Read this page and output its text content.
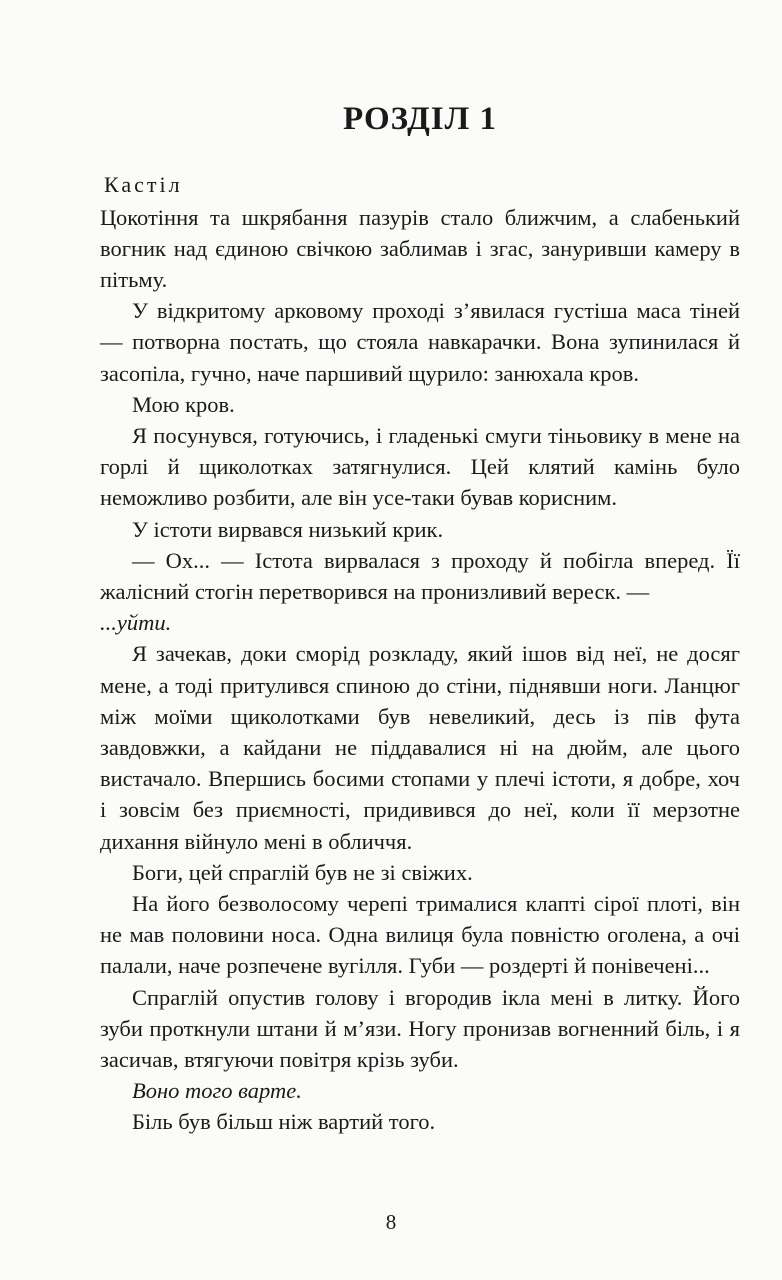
РОЗДІЛ 1
Кастіл

Цокотіння та шкрябання пазурів стало ближчим, а слабенький вогник над єдиною свічкою заблимав і згас, зануривши камеру в пітьму.

У відкритому арковому проході з’явилася густіша маса тіней — потворна постать, що стояла навкарачки. Вона зупинилася й засопіла, гучно, наче паршивий щурило: занюхала кров.

Мою кров.

Я посунувся, готуючись, і гладенькі смуги тіньовику в мене на горлі й щиколотках затягнулися. Цей клятий камінь було неможливо розбити, але він усе-таки бував корисним.

У істоти вирвався низький крик.

— Ох... — Істота вирвалася з проходу й побігла вперед. Її жалісний стогін перетворився на пронизливий вереск. —

...уйти.

Я зачекав, доки сморід розкладу, який ішов від неї, не досяг мене, а тоді притулився спиною до стіни, піднявши ноги. Ланцюг між моїми щиколотками був невеликий, десь із пів фута завдовжки, а кайдани не піддавалися ні на дюйм, але цього вистачало. Впершись босими стопами у плечі істоти, я добре, хоч і зовсім без приємності, придивився до неї, коли її мерзотне дихання війнуло мені в обличчя.

Боги, цей спраглій був не зі свіжих.

На його безволосому черепі трималися клапті сірої плоті, він не мав половини носа. Одна вилиця була повністю оголена, а очі палали, наче розпечене вугілля. Губи — роздерті й понівечені...

Спраглій опустив голову і вгородив ікла мені в литку. Його зуби проткнули штани й м’язи. Ногу пронизав вогненний біль, і я засичав, втягуючи повітря крізь зуби.

Воно того варте.

Біль був більш ніж вартий того.

8
